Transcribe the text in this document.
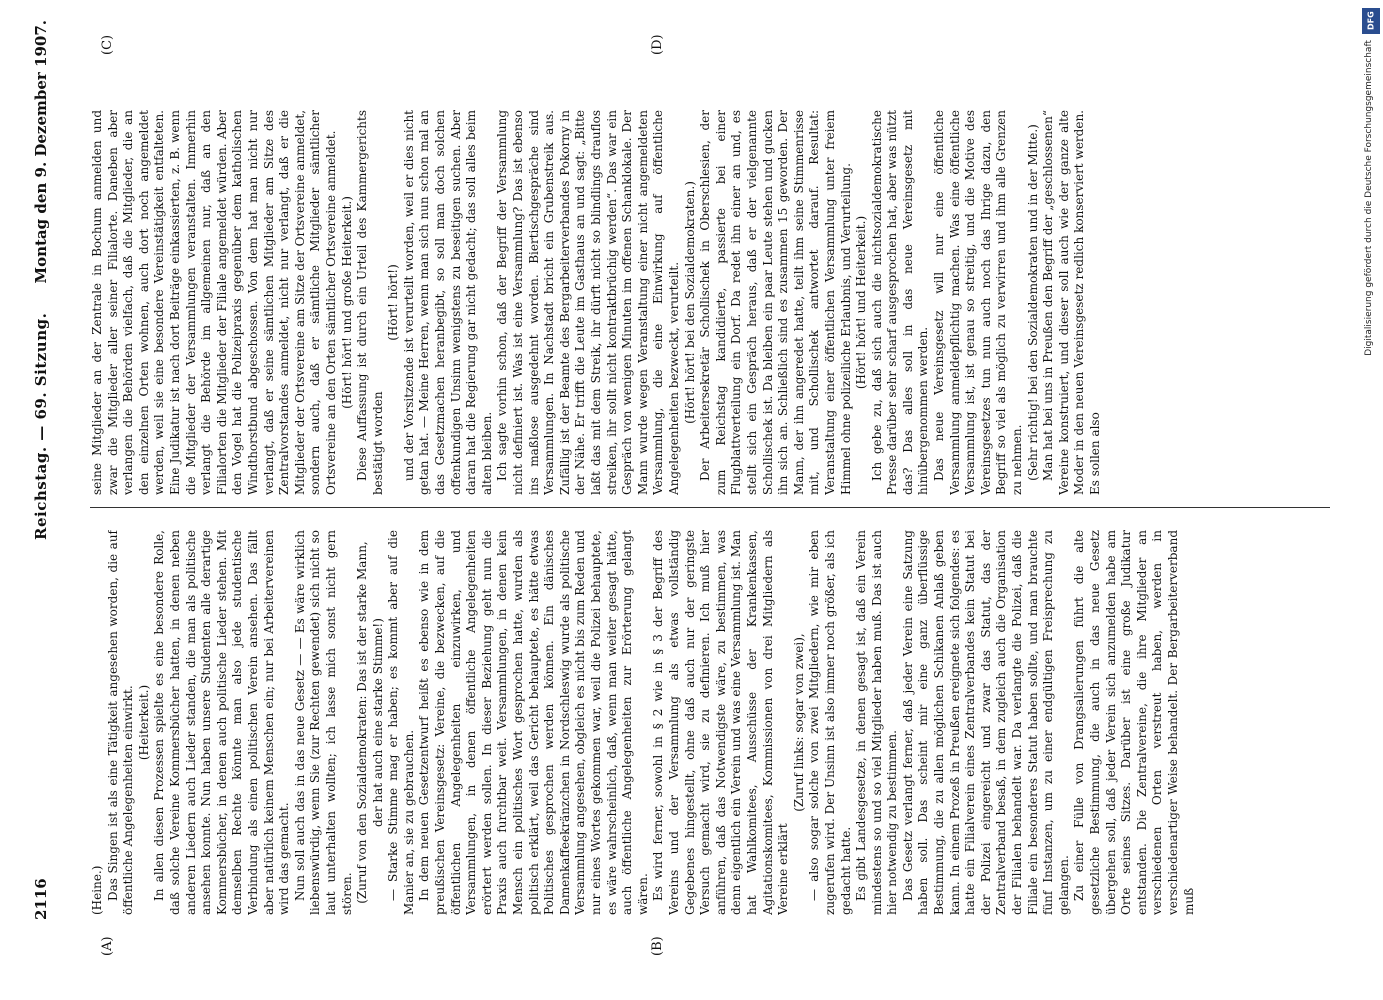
2116
Reichstag. — 69. Sitzung.
Montag den 9. Dezember 1907.
(A)	(B)
(C)	(D)

(Heine.) Das Singen ist als eine Tätigkeit angesehen worden, die auf öffentliche Angelegenheiten einwirkt. (Heiterkeit.) In allen diesen Prozessen spielte es eine besondere Rolle, daß solche Vereine Kommersbücher hatten, in denen neben anderen Liedern auch Lieder standen, die man als politische ansehen konnte. Nun haben unsere Studenten alle derartige Kommersbücher, in denen auch politische Lieder stehen. Mit demselben Rechte könnte man also jede studentische Verbindung als einen politischen Verein ansehen. Das fällt aber natürlich keinem Menschen ein; nur bei Arbeitervereinen wird das gemacht. Nun soll auch das in das neue Gesetz — — Es wäre wirklich liebenswürdig, wenn Sie (zur Rechten gewendet) sich nicht so laut unterhalten wollten; ich lasse mich sonst nicht gern stören. (Zuruf von den Sozialdemokraten: Das ist der starke Mann, der hat auch eine starke Stimme!) — Starke Stimme mag er haben; es kommt aber auf die Manier an, sie zu gebrauchen. In dem neuen Gesetzentwurf heißt es ebenso wie in dem preußischen Vereinsgesetz: Vereine, die bezwecken, auf die öffentlichen Angelegenheiten einzuwirken, und Versammlungen, in denen öffentliche Angelegenheiten erörtert werden sollen. In dieser Beziehung geht nun die Praxis auch furchtbar weit. Versammlungen, in denen kein Mensch ein politisches Wort gesprochen hatte, wurden als politisch erklärt, weil das Gericht behauptete, es hätte etwas Politisches gesprochen werden können. Ein dänisches Damenkaffeekränzchen in Nordschleswig wurde als politische Versammlung angesehen, obgleich es nicht bis zum Reden und nur eines Wortes gekommen war, weil die Polizei behauptete, es wäre wahrscheinlich, daß, wenn man weiter gesagt hätte, auch öffentliche Angelegenheiten zur Erörterung gelangt wären. Es wird ferner, sowohl in § 2 wie in § 3 der Begriff des Vereins und der Versammlung als etwas vollständig Gegebenes hingestellt, ohne daß auch nur der geringste Versuch gemacht wird, sie zu definieren. Ich muß hier anführen, daß das Notwendigste wäre, zu bestimmen, was denn eigentlich ein Verein und was eine Versammlung ist. Man hat Wahlkomitees, Ausschüsse der Krankenkassen, Agitationskomitees, Kommissionen von drei Mitgliedern als Vereine erklärt

(Zuruf links: sogar von zwei), — also sogar solche von zwei Mitgliedern, wie mir eben zugerufen wird. Der Unsinn ist also immer noch größer, als ich gedacht hatte. Es gibt Landesgesetze, in denen gesagt ist, daß ein Verein mindestens so und so viel Mitglieder haben muß. Das ist auch hier notwendig zu bestimmen. Das Gesetz verlangt ferner, daß jeder Verein eine Satzung haben soll. Das scheint mir eine ganz überflüssige Bestimmung, die zu allen möglichen Schikanen Anlaß geben kann. In einem Prozeß in Preußen ereignete sich folgendes: es hatte ein Filialverein eines Zentralverbandes kein Statut bei der Polizei eingereicht und zwar das Statut, das der Zentralverband besaß, in dem zugleich auch die Organisation der Filialen behandelt war. Da verlangte die Polizei, daß die Filiale ein besonderes Statut haben sollte, und man brauchte fünf Instanzen, um zu einer endgültigen Freisprechung zu gelangen. Zu einer Fülle von Drangsalierungen führt die alte gesetzliche Bestimmung, die auch in das neue Gesetz übergehen soll, daß jeder Verein sich anzumelden habe am Orte seines Sitzes. Darüber ist eine große Judikatur entstanden. Die Zentralvereine, die ihre Mitglieder an verschiedenen Orten verstreut haben, werden in verschiedenartiger Weise behandelt. Der Bergarbeiterverband muß

seine Mitglieder an der Zentrale in Bochum anmelden und zwar die Mitglieder aller seiner Filialorte. Daneben aber verlangen die Behörden vielfach, daß die Mitglieder, die an den einzelnen Orten wohnen, auch dort noch angemeldet werden, weil sie eine besondere Vereinstätigkeit entfalteten. Eine Judikatur ist nach dort Beiträge einkassierten, z. B. wenn die Mitglieder der Versammlungen veranstalten. Immerhin verlangt die Behörde im allgemeinen nur, daß an den Filialorten die Mitglieder der Filiale angemeldet würden. Aber den Vogel hat die Polizeipraxis gegenüber dem katholischen Windthorstbund abgeschossen. Von dem hat man nicht nur verlangt, daß er seine sämtlichen Mitglieder am Sitze des Zentralvorstandes anmeldet, nicht nur verlangt, daß er die Mitglieder der Ortsvereine am Sitze der Ortsvereine anmeldet, sondern auch, daß er sämtliche Mitglieder sämtlicher Ortsvereine an den Orten sämtlicher Ortsvereine anmeldet. (Hört! hört! und große Heiterkeit.) Diese Auffassung ist durch ein Urteil des Kammergerichts bestätigt worden

(Hört! hört!) und der Vorsitzende ist verurteilt worden, weil er dies nicht getan hat. — Meine Herren, wenn man sich nun schon mal an das Gesetzmachen heranbegibt, so soll man doch solchen offenkundigen Unsinn wenigstens zu beseitigen suchen. Aber daran hat die Regierung gar nicht gedacht; das soll alles beim alten bleiben. Ich sagte vorhin schon, daß der Begriff der Versammlung nicht definiert ist. Was ist eine Versammlung? Das ist ebenso ins maßlose ausgedehnt worden. Biertischgespräche sind Versammlungen. In Nachstadt bricht ein Grubenstreik aus. Zufällig ist der Beamte des Bergarbeiterverbandes Pokorny in der Nähe. Er trifft die Leute im Gasthaus an und sagt: „Bitte laßt das mit dem Streik, ihr dürft nicht so blindlings drauflos streiken, ihr sollt nicht kontraktbrüchig werden“. Das war ein Gespräch von wenigen Minuten im offenen Schanklokale. Der Mann wurde wegen Veranstaltung einer nicht angemeldeten Versammlung, die eine Einwirkung auf öffentliche Angelegenheiten bezweckt, verurteilt. (Hört! hört! bei den Sozialdemokraten.) Der Arbeitersekretär Schollischek in Oberschlesien, der zum Reichstag kandidierte, passierte bei einer Flugblattverteilung ein Dorf. Da redet ihn einer an und, es stellt sich ein Gespräch heraus, daß er der vielgenannte Schollischek ist. Da bleiben ein paar Leute stehen und gucken ihn sich an. Schließlich sind es zusammen 15 geworden. Der Mann, der ihn angeredet hatte, teilt ihm seine Stimmenrisse mit, und Schollischek antwortet darauf. Resultat: Veranstaltung einer öffentlichen Versammlung unter freiem Himmel ohne polizeiliche Erlaubnis, und Verurteilung. (Hört! hört! und Heiterkeit.) Ich gebe zu, daß sich auch die nichtsozialdemokratische Presse darüber sehr scharf ausgesprochen hat, aber was nützt das? Das alles soll in das neue Vereinsgesetz mit hinübergenommen werden. Das neue Vereinsgesetz will nur eine öffentliche Versammlung anmeldepflichtig machen. Was eine öffentliche Versammlung ist, ist genau so streitig, und die Motive des Vereinsgesetzes tun nun auch noch das Ihrige dazu, den Begriff so viel als möglich zu verwirren und ihm alle Grenzen zu nehmen. (Sehr richtig! bei den Sozialdemokraten und in der Mitte.) Man hat bei uns in Preußen den Begriff der „geschlossenen“ Vereine konstruiert, und dieser soll auch wie der ganze alte Moder in den neuen Vereinsgesetz redlich konserviert werden. Es sollen also

DFG
Digitalisierung gefördert durch die Deutsche Forschungsgemeinschaft
